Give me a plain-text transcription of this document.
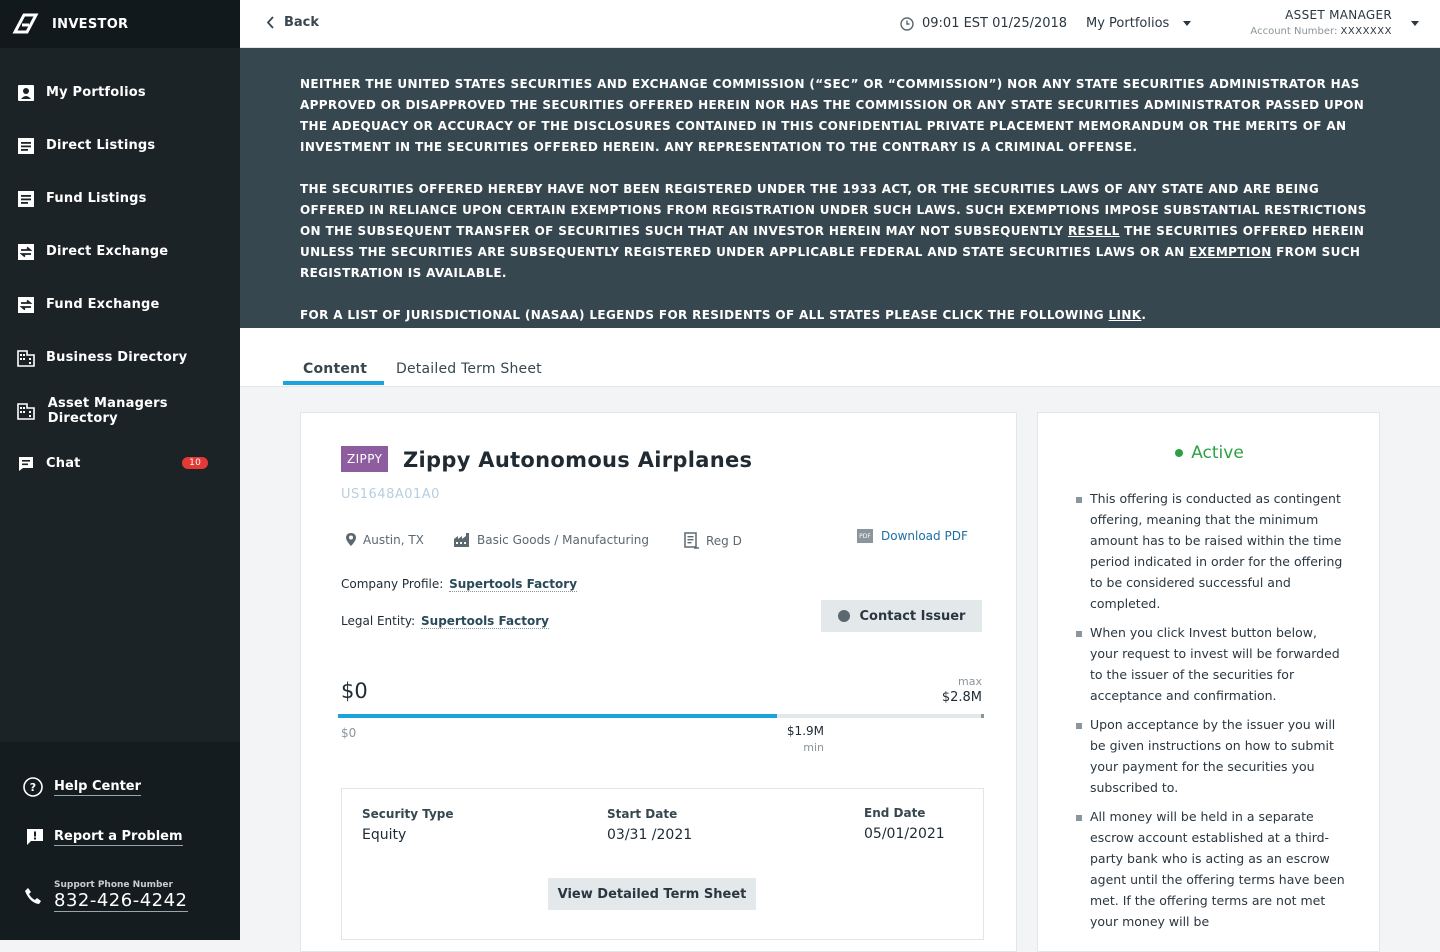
INVESTOR
My Portfolios
Direct Listings
Fund Listings
Direct Exchange
Fund Exchange
Business Directory
Asset Managers Directory
Chat	10
? Help Center
Report a Problem
Support Phone Number
832-426-4242
Back	09:01 EST 01/25/2018 My Portfolios
ASSET MANAGER
Account Number: XXXXXXX

NEITHER THE UNITED STATES SECURITIES AND EXCHANGE COMMISSION (“SEC” OR “COMMISSION”) NOR ANY STATE SECURITIES ADMINISTRATOR HAS APPROVED OR DISAPPROVED THE SECURITIES OFFERED HEREIN NOR HAS THE COMMISSION OR ANY STATE SECURITIES ADMINISTRATOR PASSED UPON THE ADEQUACY OR ACCURACY OF THE DISCLOSURES CONTAINED IN THIS CONFIDENTIAL PRIVATE PLACEMENT MEMORANDUM OR THE MERITS OF AN INVESTMENT IN THE SECURITIES OFFERED HEREIN. ANY REPRESENTATION TO THE CONTRARY IS A CRIMINAL OFFENSE.

THE SECURITIES OFFERED HEREBY HAVE NOT BEEN REGISTERED UNDER THE 1933 ACT, OR THE SECURITIES LAWS OF ANY STATE AND ARE BEING OFFERED IN RELIANCE UPON CERTAIN EXEMPTIONS FROM REGISTRATION UNDER SUCH LAWS. SUCH EXEMPTIONS IMPOSE SUBSTANTIAL RESTRICTIONS ON THE SUBSEQUENT TRANSFER OF SECURITIES SUCH THAT AN INVESTOR HEREIN MAY NOT SUBSEQUENTLY RESELL THE SECURITIES OFFERED HEREIN UNLESS THE SECURITIES ARE SUBSEQUENTLY REGISTERED UNDER APPLICABLE FEDERAL AND STATE SECURITIES LAWS OR AN EXEMPTION FROM SUCH REGISTRATION IS AVAILABLE.

FOR A LIST OF JURISDICTIONAL (NASAA) LEGENDS FOR RESIDENTS OF ALL STATES PLEASE CLICK THE FOLLOWING LINK.

Content Detailed Term Sheet
ZIPPY Zippy Autonomous Airplanes
US1648A01A0
Austin, TX	Basic Goods / Manufacturing	Reg D	PDF Download PDF
Company Profile: Supertools Factory
Legal Entity: Supertools Factory	Contact Issuer
$0	max
$2.8M
$0	$1.9M
min
Security Type
Equity
Start Date
03/31 /2021
End Date
05/01/2021
View Detailed Term Sheet
Active
This offering is conducted as contingent offering, meaning that the minimum amount has to be raised within the time period indicated in order for the offering to be considered successful and completed.
When you click Invest button below, your request to invest will be forwarded to the issuer of the securities for acceptance and confirmation.
Upon acceptance by the issuer you will be given instructions on how to submit your payment for the securities you subscribed to.
All money will be held in a separate escrow account established at a third-party bank who is acting as an escrow agent until the offering terms have been met. If the offering terms are not met your money will be
